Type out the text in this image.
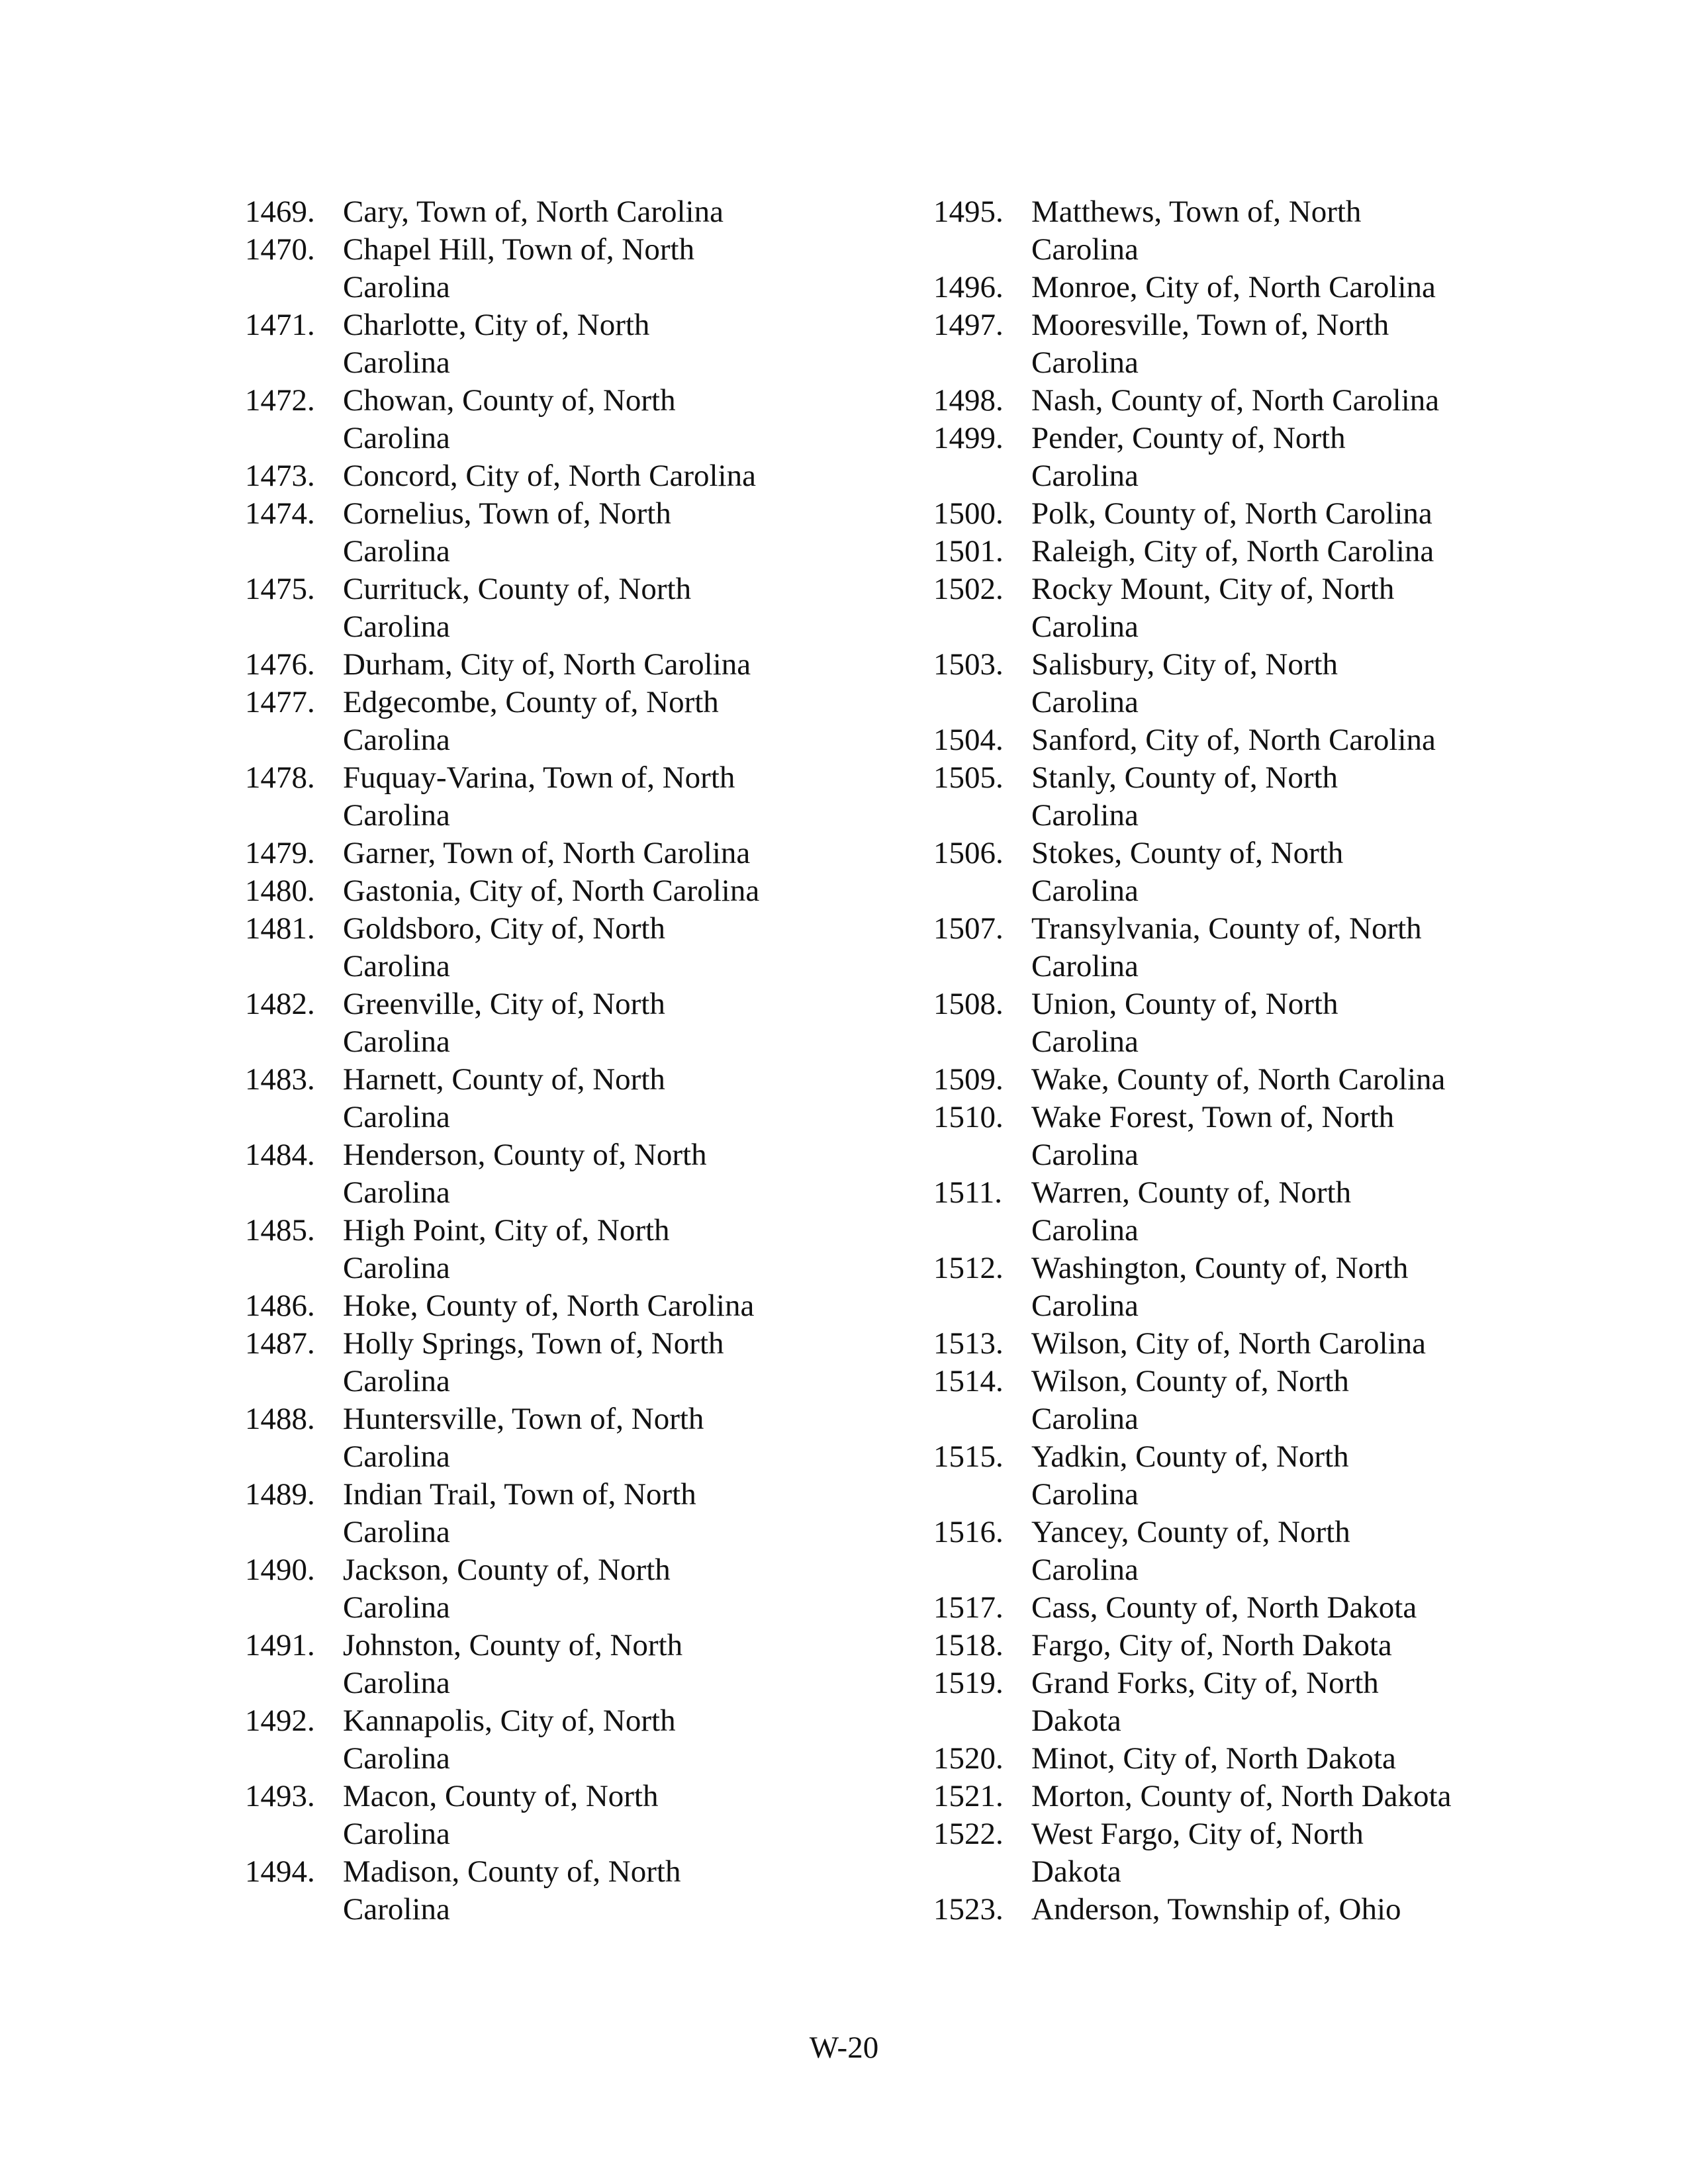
1469. Cary, Town of, North Carolina
1470. Chapel Hill, Town of, North
Carolina
1471. Charlotte, City of, North
Carolina
1472. Chowan, County of, North
Carolina
1473. Concord, City of, North Carolina
1474. Cornelius, Town of, North
Carolina
1475. Currituck, County of, North
Carolina
1476. Durham, City of, North Carolina
1477. Edgecombe, County of, North
Carolina
1478. Fuquay-Varina, Town of, North
Carolina
1479. Garner, Town of, North Carolina
1480. Gastonia, City of, North Carolina
1481. Goldsboro, City of, North
Carolina
1482. Greenville, City of, North
Carolina
1483. Harnett, County of, North
Carolina
1484. Henderson, County of, North
Carolina
1485. High Point, City of, North
Carolina
1486. Hoke, County of, North Carolina
1487. Holly Springs, Town of, North
Carolina
1488. Huntersville, Town of, North
Carolina
1489. Indian Trail, Town of, North
Carolina
1490. Jackson, County of, North
Carolina
1491. Johnston, County of, North
Carolina
1492. Kannapolis, City of, North
Carolina
1493. Macon, County of, North
Carolina
1494. Madison, County of, North
Carolina
1495. Matthews, Town of, North
Carolina
1496. Monroe, City of, North Carolina
1497. Mooresville, Town of, North
Carolina
1498. Nash, County of, North Carolina
1499. Pender, County of, North
Carolina
1500. Polk, County of, North Carolina
1501. Raleigh, City of, North Carolina
1502. Rocky Mount, City of, North
Carolina
1503. Salisbury, City of, North
Carolina
1504. Sanford, City of, North Carolina
1505. Stanly, County of, North
Carolina
1506. Stokes, County of, North
Carolina
1507. Transylvania, County of, North
Carolina
1508. Union, County of, North
Carolina
1509. Wake, County of, North Carolina
1510. Wake Forest, Town of, North
Carolina
1511. Warren, County of, North
Carolina
1512. Washington, County of, North
Carolina
1513. Wilson, City of, North Carolina
1514. Wilson, County of, North
Carolina
1515. Yadkin, County of, North
Carolina
1516. Yancey, County of, North
Carolina
1517. Cass, County of, North Dakota
1518. Fargo, City of, North Dakota
1519. Grand Forks, City of, North
Dakota
1520. Minot, City of, North Dakota
1521. Morton, County of, North Dakota
1522. West Fargo, City of, North
Dakota
1523. Anderson, Township of, Ohio
W-20
